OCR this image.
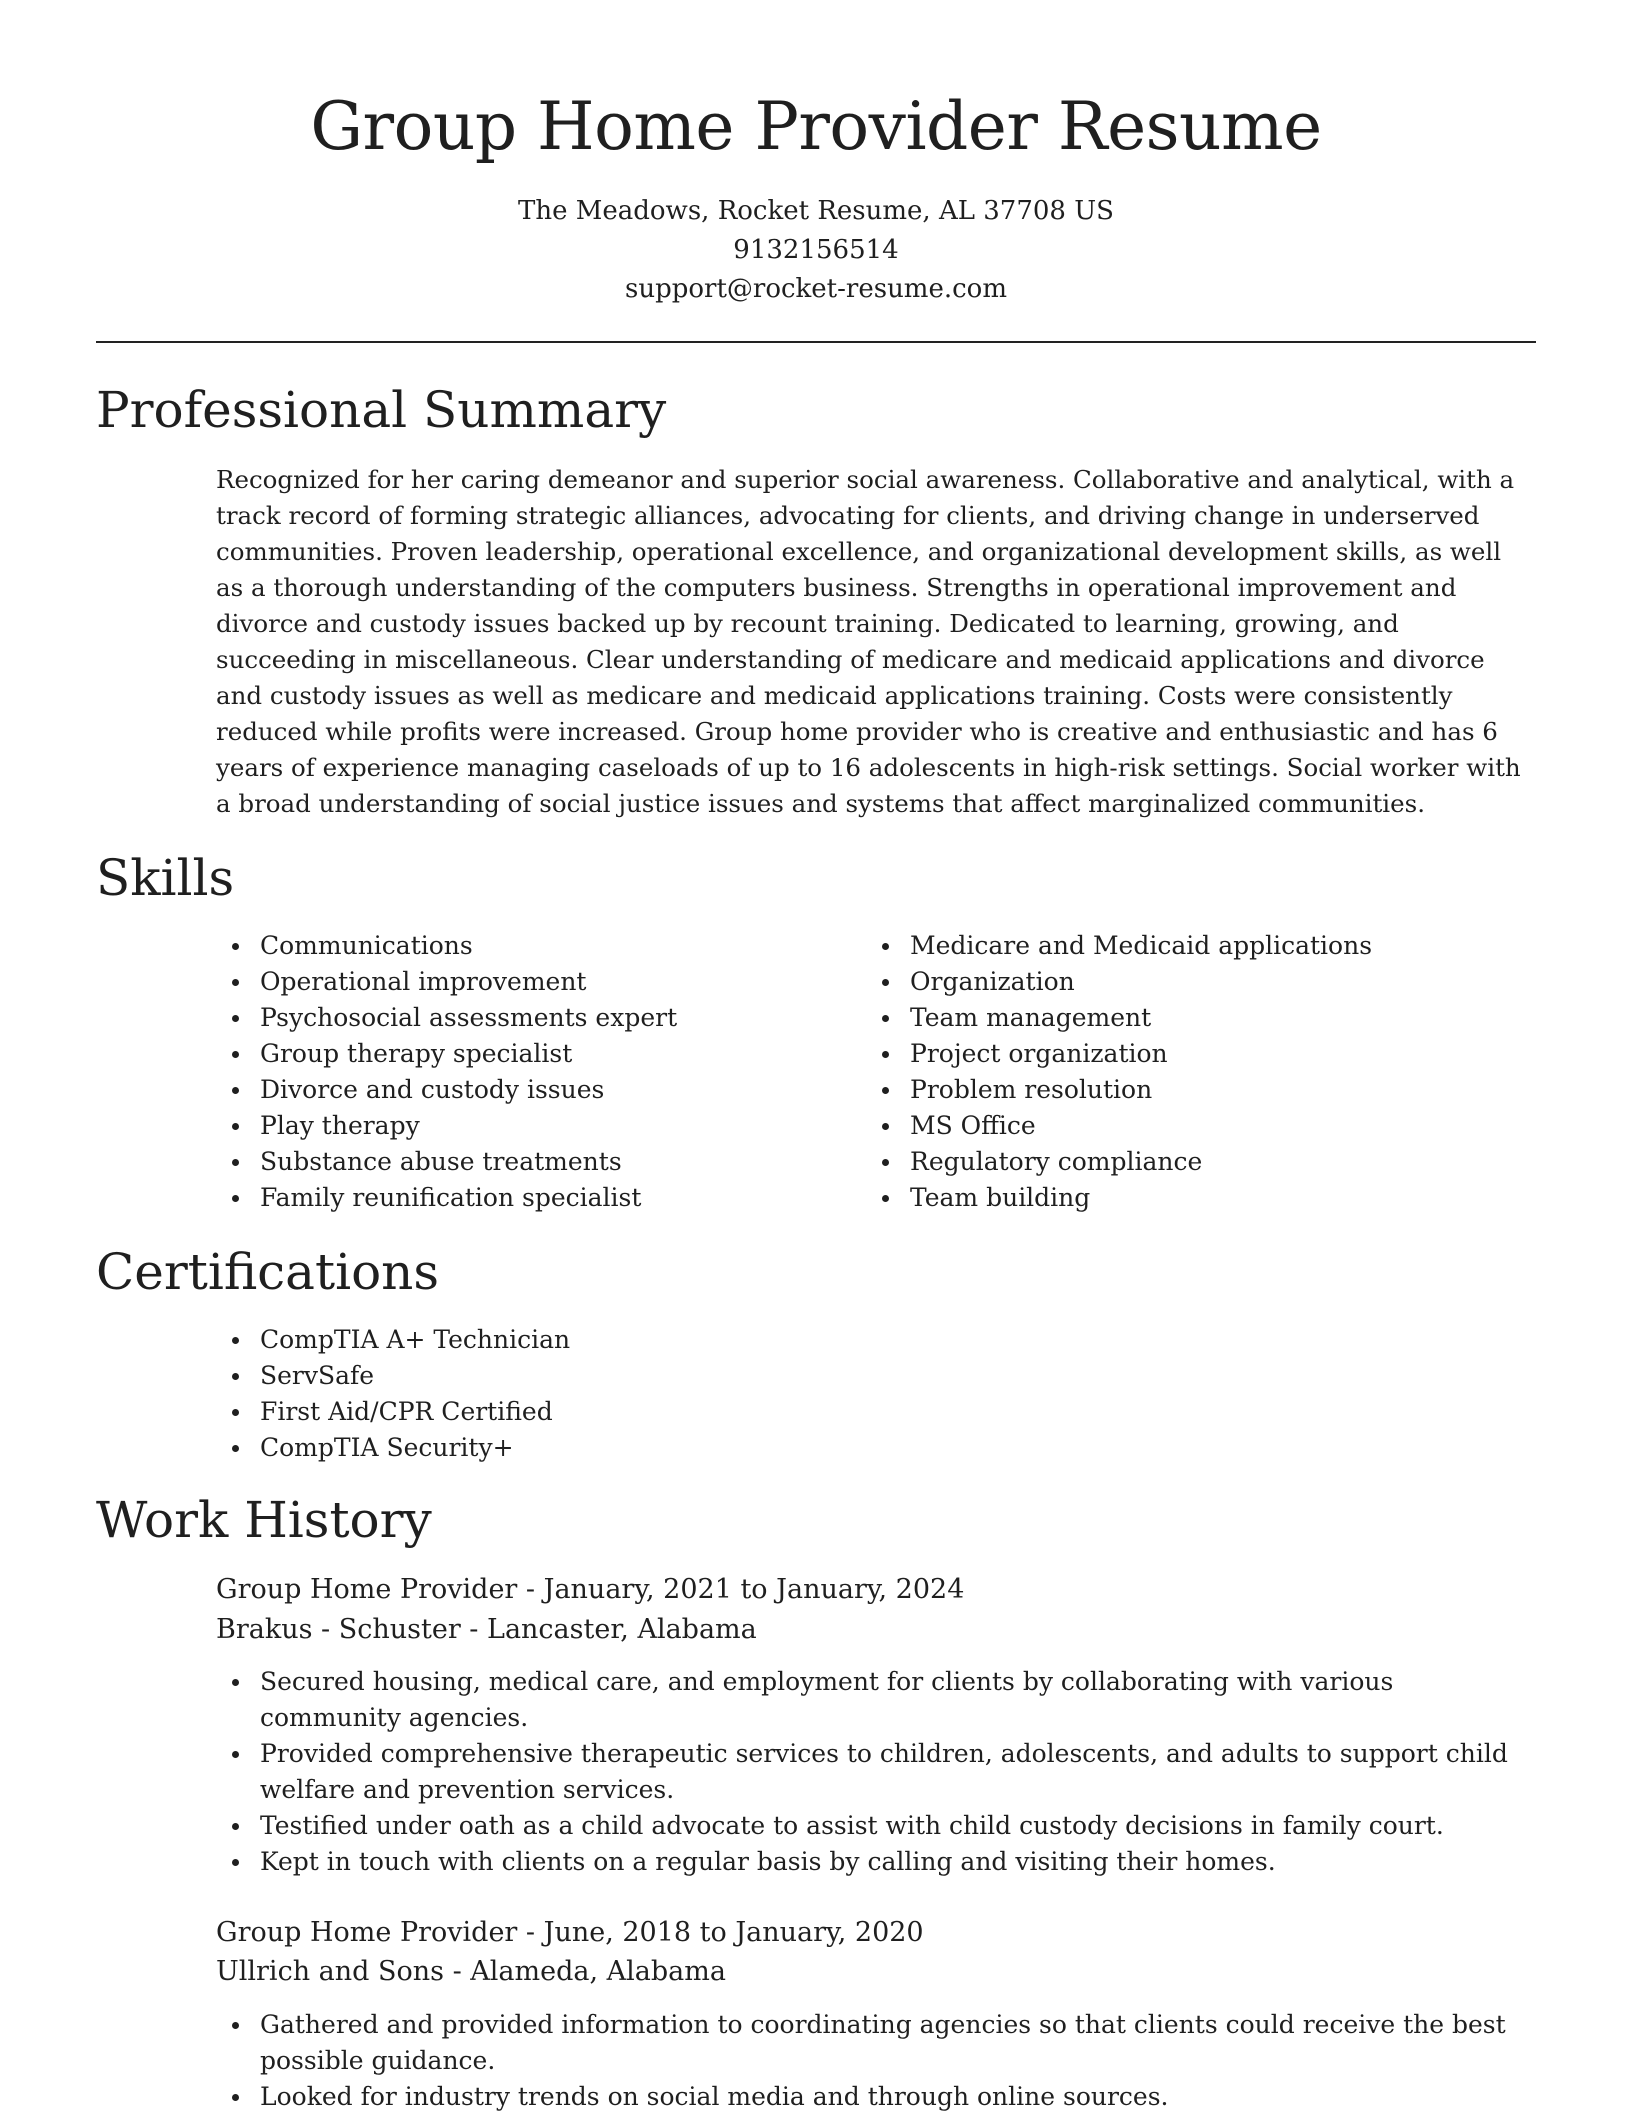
Group Home Provider Resume
The Meadows, Rocket Resume, AL 37708 US
9132156514
support@rocket-resume.com
Professional Summary

Recognized for her caring demeanor and superior social awareness. Collaborative and analytical, with a track record of forming strategic alliances, advocating for clients, and driving change in underserved communities. Proven leadership, operational excellence, and organizational development skills, as well as a thorough understanding of the computers business. Strengths in operational improvement and divorce and custody issues backed up by recount training. Dedicated to learning, growing, and succeeding in miscellaneous. Clear understanding of medicare and medicaid applications and divorce and custody issues as well as medicare and medicaid applications training. Costs were consistently reduced while profits were increased. Group home provider who is creative and enthusiastic and has 6 years of experience managing caseloads of up to 16 adolescents in high-risk settings. Social worker with a broad understanding of social justice issues and systems that affect marginalized communities.

Skills
Communications
Operational improvement
Psychosocial assessments expert
Group therapy specialist
Divorce and custody issues
Play therapy
Substance abuse treatments
Family reunification specialist
Medicare and Medicaid applications
Organization
Team management
Project organization
Problem resolution
MS Office
Regulatory compliance
Team building
Certifications
CompTIA A+ Technician
ServSafe
First Aid/CPR Certified
CompTIA Security+
Work History
Group Home Provider - January, 2021 to January, 2024
Brakus - Schuster - Lancaster, Alabama
Secured housing, medical care, and employment for clients by collaborating with various community agencies.
Provided comprehensive therapeutic services to children, adolescents, and adults to support child welfare and prevention services.
Testified under oath as a child advocate to assist with child custody decisions in family court.
Kept in touch with clients on a regular basis by calling and visiting their homes.
Group Home Provider - June, 2018 to January, 2020
Ullrich and Sons - Alameda, Alabama
Gathered and provided information to coordinating agencies so that clients could receive the best possible guidance.
Looked for industry trends on social media and through online sources.
